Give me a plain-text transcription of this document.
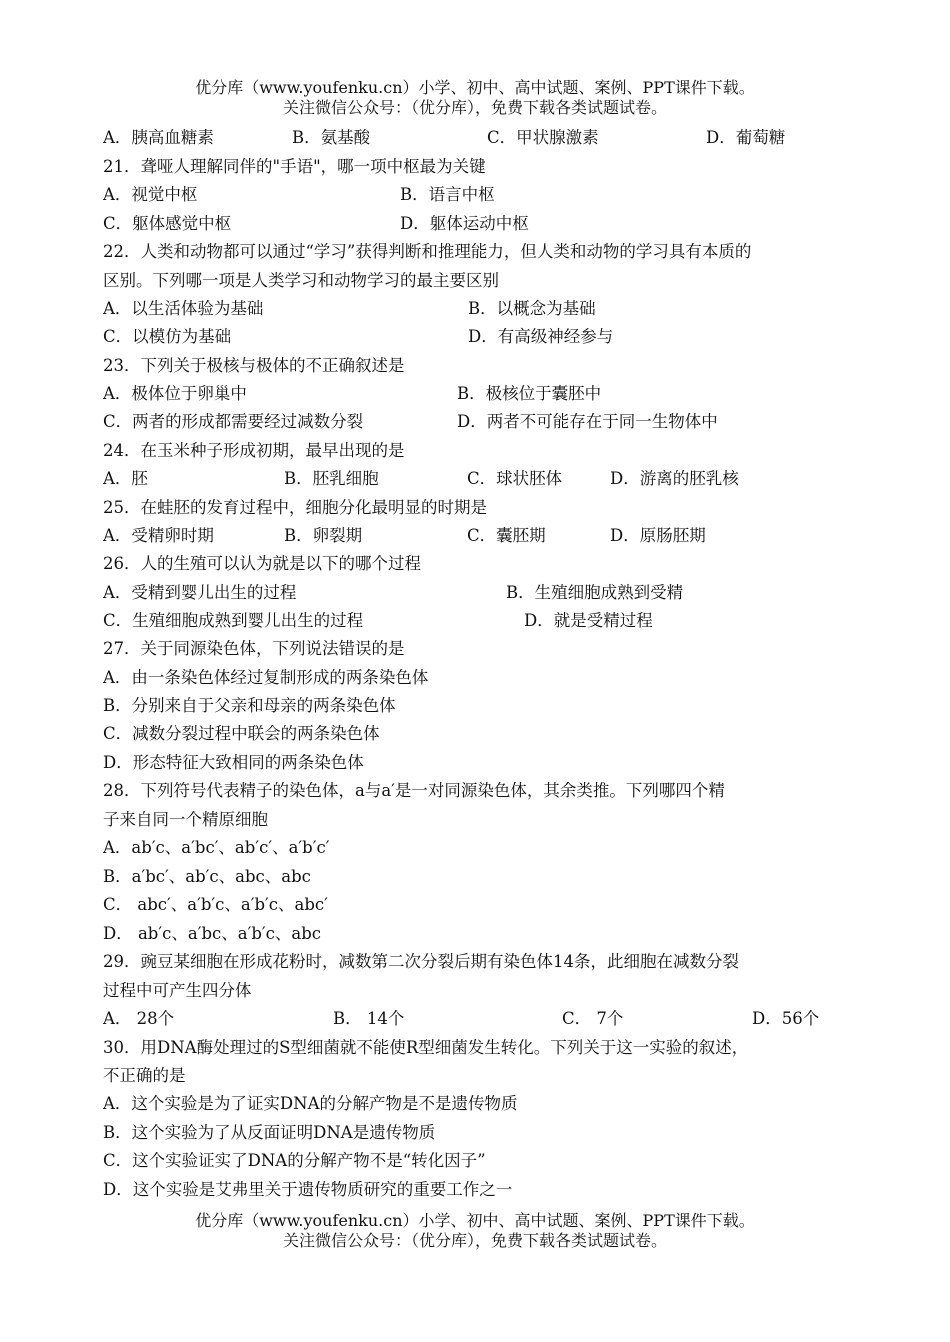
优分库（www.youfenku.cn）小学、初中、高中试题、案例、PPT课件下载。
关注微信公众号：（优分库），免费下载各类试题试卷。
A．胰高血糖素	B．氨基酸	C．甲状腺激素	D．葡萄糖
21．聋哑人理解同伴的"手语"，哪一项中枢最为关键
A．视觉中枢	B．语言中枢
C．躯体感觉中枢	D．躯体运动中枢
22．人类和动物都可以通过“学习”获得判断和推理能力，但人类和动物的学习具有本质的
区别。下列哪一项是人类学习和动物学习的最主要区别
A．以生活体验为基础	B．以概念为基础
C．以模仿为基础	D．有高级神经参与
23．下列关于极核与极体的不正确叙述是
A．极体位于卵巢中	B．极核位于囊胚中
C．两者的形成都需要经过减数分裂	D．两者不可能存在于同一生物体中
24．在玉米种子形成初期，最早出现的是
A．胚	B．胚乳细胞	C．球状胚体	D．游离的胚乳核
25．在蛙胚的发育过程中，细胞分化最明显的时期是
A．受精卵时期	B．卵裂期	C．囊胚期	D．原肠胚期
26．人的生殖可以认为就是以下的哪个过程
A．受精到婴儿出生的过程	B．生殖细胞成熟到受精
C．生殖细胞成熟到婴儿出生的过程	D．就是受精过程
27．关于同源染色体，下列说法错误的是
A．由一条染色体经过复制形成的两条染色体
B．分别来自于父亲和母亲的两条染色体
C．减数分裂过程中联会的两条染色体
D．形态特征大致相同的两条染色体
28．下列符号代表精子的染色体，a与a′是一对同源染色体，其余类推。下列哪四个精
子来自同一个精原细胞
A．ab′c、a′bc′、ab′c′、a′b′c′
B．a′bc′、ab′c、abc、abc
C． abc′、a′b′c、a′b′c、abc′
D． ab′c、a′bc、a′b′c、abc
29．豌豆某细胞在形成花粉时，减数第二次分裂后期有染色体14条，此细胞在减数分裂
过程中可产生四分体
A． 28个	B． 14个	C． 7个	D．56个
30．用DNA酶处理过的S型细菌就不能使R型细菌发生转化。下列关于这一实验的叙述，
不正确的是
A．这个实验是为了证实DNA的分解产物是不是遗传物质
B．这个实验为了从反面证明DNA是遗传物质
C．这个实验证实了DNA的分解产物不是“转化因子”
D．这个实验是艾弗里关于遗传物质研究的重要工作之一
优分库（www.youfenku.cn）小学、初中、高中试题、案例、PPT课件下载。
关注微信公众号：（优分库），免费下载各类试题试卷。
